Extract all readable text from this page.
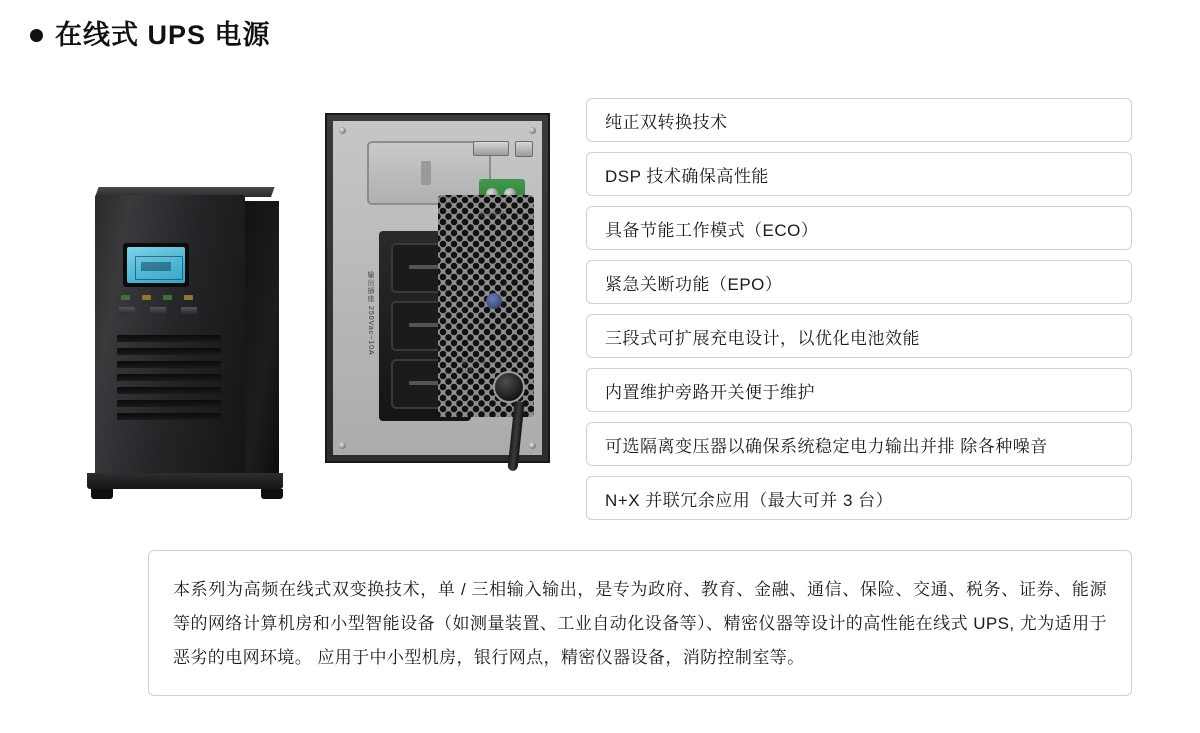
在线式 UPS 电源
输出插座 250Vac~10A
输入开关 10A
通信接口
纯正双转换技术
DSP 技术确保高性能
具备节能工作模式（ECO）
紧急关断功能（EPO）
三段式可扩展充电设计，以优化电池效能
内置维护旁路开关便于维护
可选隔离变压器以确保系统稳定电力输出并排 除各种噪音
N+X 并联冗余应用（最大可并 3 台）

本系列为高频在线式双变换技术，单 / 三相输入输出，是专为政府、教育、金融、通信、保险、交通、税务、证券、能源等的网络计算机房和小型智能设备（如测量装置、工业自动化设备等）、精密仪器等设计的高性能在线式 UPS, 尤为适用于恶劣的电网环境。 应用于中小型机房，银行网点，精密仪器设备，消防控制室等。
